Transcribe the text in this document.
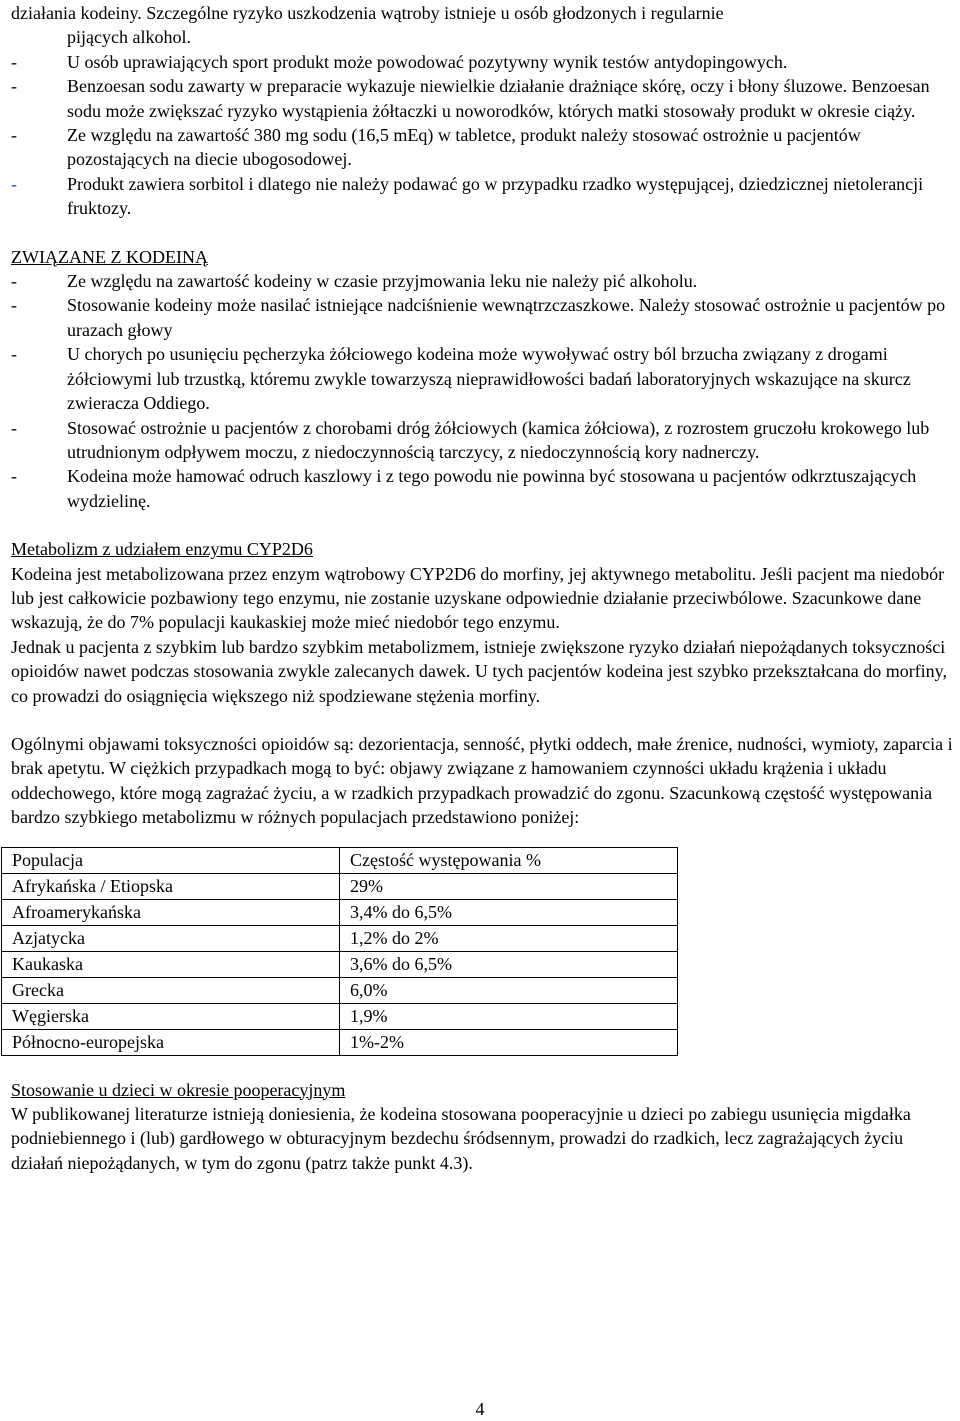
działania kodeiny. Szczególne ryzyko uszkodzenia wątroby istnieje u osób głodzonych i regularnie

pijących alkohol.

-	U osób uprawiających sport produkt może powodować pozytywny wynik testów antydopingowych.
-	Benzoesan sodu zawarty w preparacie wykazuje niewielkie działanie drażniące skórę, oczy i błony śluzowe. Benzoesan sodu może zwiększać ryzyko wystąpienia żółtaczki u noworodków, których matki stosowały produkt w okresie ciąży.
-	Ze względu na zawartość 380 mg sodu (16,5 mEq) w tabletce, produkt należy stosować ostrożnie u pacjentów pozostających na diecie ubogosodowej.
-	Produkt zawiera sorbitol i dlatego nie należy podawać go w przypadku rzadko występującej, dziedzicznej nietolerancji fruktozy.

ZWIĄZANE Z KODEINĄ

-	Ze względu na zawartość kodeiny w czasie przyjmowania leku nie należy pić alkoholu.
-	Stosowanie kodeiny może nasilać istniejące nadciśnienie wewnątrzczaszkowe. Należy stosować ostrożnie u pacjentów po urazach głowy
-	U chorych po usunięciu pęcherzyka żółciowego kodeina może wywoływać ostry ból brzucha związany z drogami żółciowymi lub trzustką, któremu zwykle towarzyszą nieprawidłowości badań laboratoryjnych wskazujące na skurcz zwieracza Oddiego.
-	Stosować ostrożnie u pacjentów z chorobami dróg żółciowych (kamica żółciowa), z rozrostem gruczołu krokowego lub utrudnionym odpływem moczu, z niedoczynnością tarczycy, z niedoczynnością kory nadnerczy.
-	Kodeina może hamować odruch kaszlowy i z tego powodu nie powinna być stosowana u pacjentów odkrztuszających wydzielinę.

Metabolizm z udziałem enzymu CYP2D6

Kodeina jest metabolizowana przez enzym wątrobowy CYP2D6 do morfiny, jej aktywnego metabolitu. Jeśli pacjent ma niedobór lub jest całkowicie pozbawiony tego enzymu, nie zostanie uzyskane odpowiednie działanie przeciwbólowe. Szacunkowe dane wskazują, że do 7% populacji kaukaskiej może mieć niedobór tego enzymu.

Jednak u pacjenta z szybkim lub bardzo szybkim metabolizmem, istnieje zwiększone ryzyko działań niepożądanych toksyczności opioidów nawet podczas stosowania zwykle zalecanych dawek. U tych pacjentów kodeina jest szybko przekształcana do morfiny, co prowadzi do osiągnięcia większego niż spodziewane stężenia morfiny.

Ogólnymi objawami toksyczności opioidów są: dezorientacja, senność, płytki oddech, małe źrenice, nudności, wymioty, zaparcia i brak apetytu. W ciężkich przypadkach mogą to być: objawy związane z hamowaniem czynności układu krążenia i układu oddechowego, które mogą zagrażać życiu, a w rzadkich przypadkach prowadzić do zgonu. Szacunkową częstość występowania bardzo szybkiego metabolizmu w różnych populacjach przedstawiono poniżej:

Populacja	Częstość występowania %
Afrykańska / Etiopska	29%
Afroamerykańska	3,4% do 6,5%
Azjatycka	1,2% do 2%
Kaukaska	3,6% do 6,5%
Grecka	6,0%
Węgierska	1,9%
Północno-europejska	1%-2%

Stosowanie u dzieci w okresie pooperacyjnym

W publikowanej literaturze istnieją doniesienia, że kodeina stosowana pooperacyjnie u dzieci po zabiegu usunięcia migdałka podniebiennego i (lub) gardłowego w obturacyjnym bezdechu śródsennym, prowadzi do rzadkich, lecz zagrażających życiu działań niepożądanych, w tym do zgonu (patrz także punkt 4.3).

4
